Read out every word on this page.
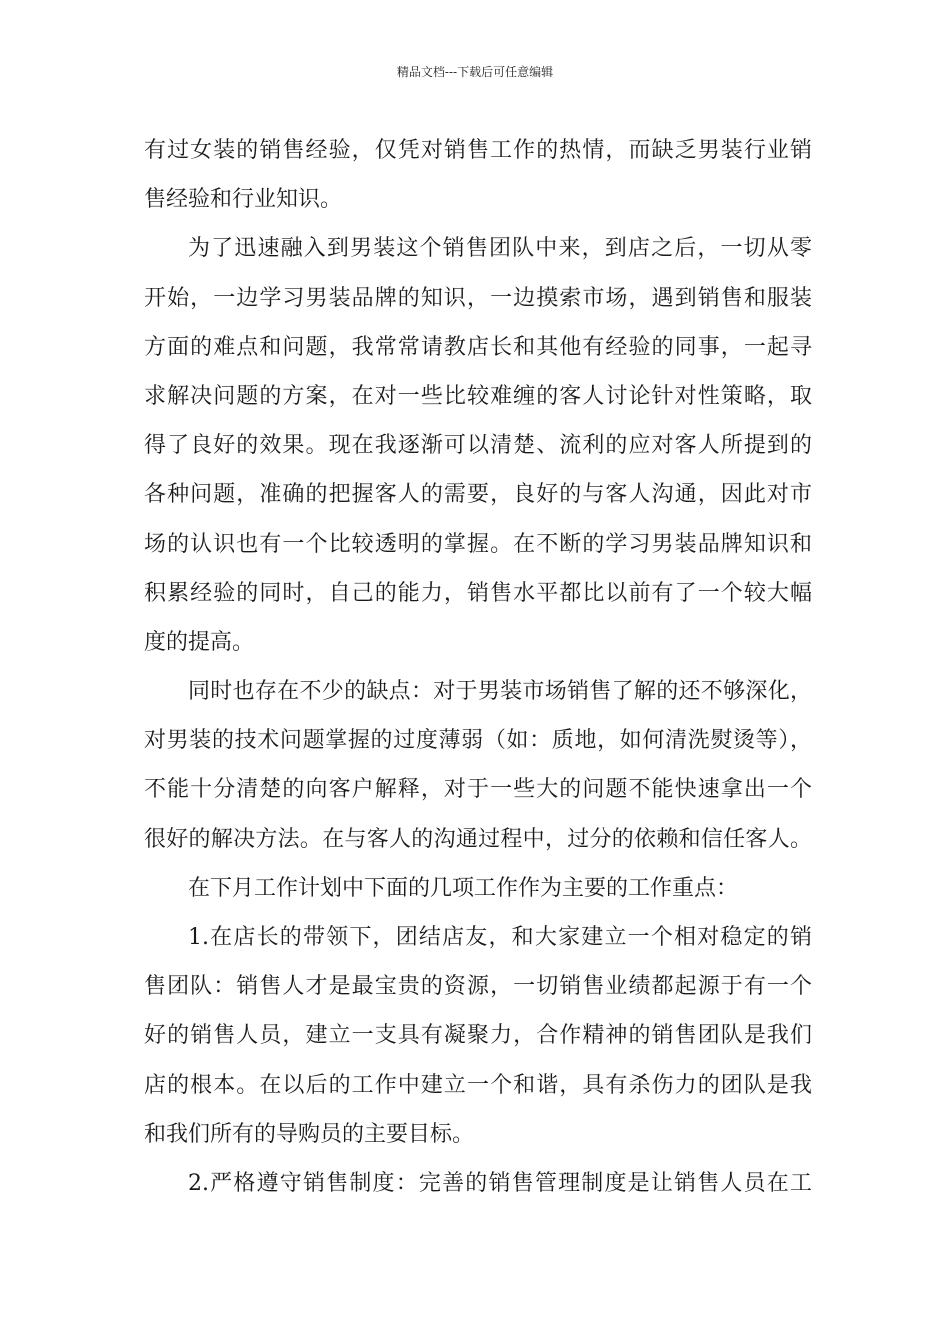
精品文档---下载后可任意编辑
有过女装的销售经验，仅凭对销售工作的热情，而缺乏男装行业销
售经验和行业知识。
为了迅速融入到男装这个销售团队中来，到店之后，一切从零
开始，一边学习男装品牌的知识，一边摸索市场，遇到销售和服装
方面的难点和问题，我常常请教店长和其他有经验的同事，一起寻
求解决问题的方案，在对一些比较难缠的客人讨论针对性策略，取
得了良好的效果。现在我逐渐可以清楚、流利的应对客人所提到的
各种问题，准确的把握客人的需要，良好的与客人沟通，因此对市
场的认识也有一个比较透明的掌握。在不断的学习男装品牌知识和
积累经验的同时，自己的能力，销售水平都比以前有了一个较大幅
度的提高。
同时也存在不少的缺点：对于男装市场销售了解的还不够深化，
对男装的技术问题掌握的过度薄弱（如：质地，如何清洗熨烫等），
不能十分清楚的向客户解释，对于一些大的问题不能快速拿出一个
很好的解决方法。在与客人的沟通过程中，过分的依赖和信任客人。
在下月工作计划中下面的几项工作作为主要的工作重点：
1.在店长的带领下，团结店友，和大家建立一个相对稳定的销
售团队：销售人才是最宝贵的资源，一切销售业绩都起源于有一个
好的销售人员，建立一支具有凝聚力，合作精神的销售团队是我们
店的根本。在以后的工作中建立一个和谐，具有杀伤力的团队是我
和我们所有的导购员的主要目标。
2.严格遵守销售制度：完善的销售管理制度是让销售人员在工
